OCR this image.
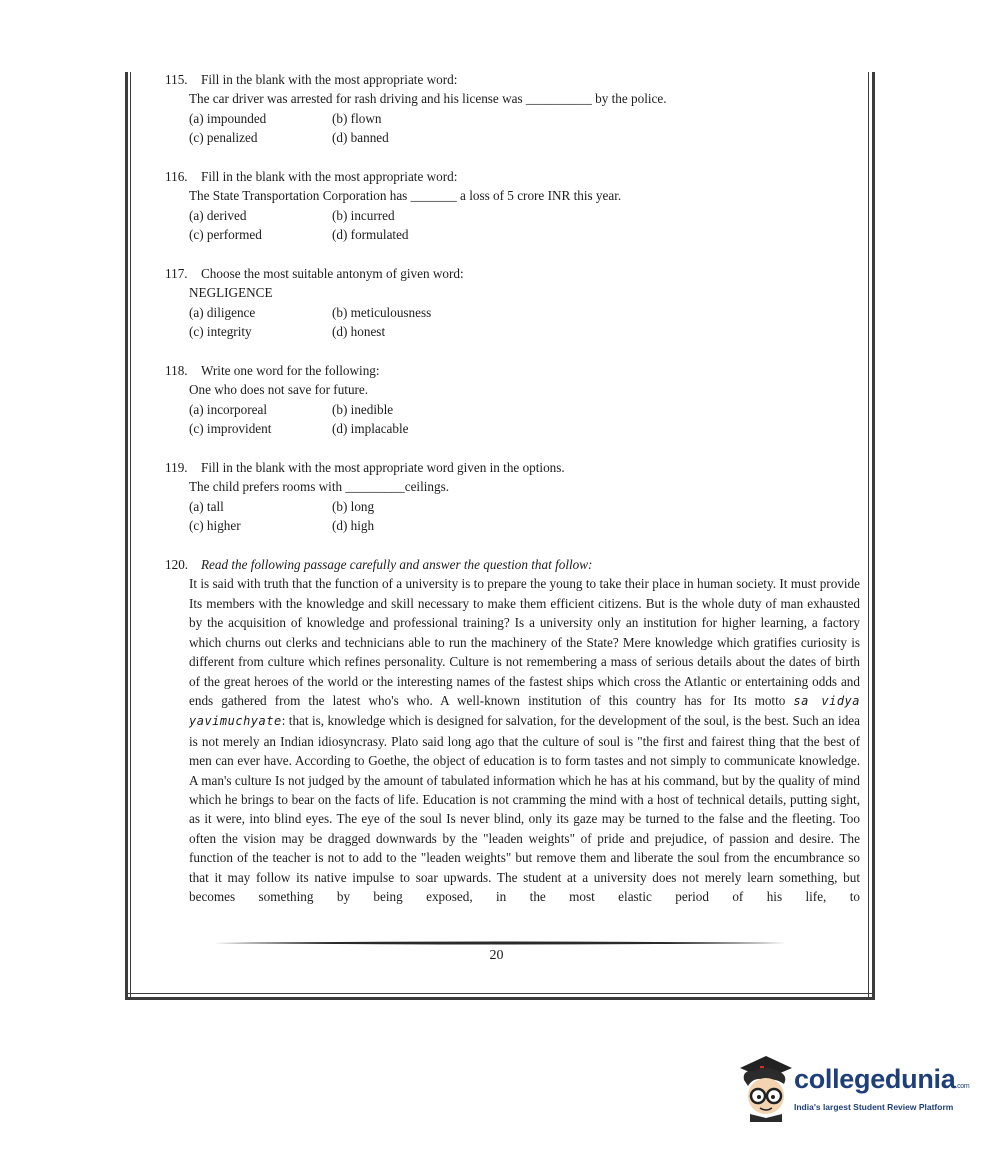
115.	Fill in the blank with the most appropriate word:
The car driver was arrested for rash driving and his license was __________ by the police.
(a) impounded	(b) flown
(c) penalized	(d) banned
116.	Fill in the blank with the most appropriate word:
The State Transportation Corporation has _______ a loss of 5 crore INR this year.
(a) derived	(b) incurred
(c) performed	(d) formulated
117.	Choose the most suitable antonym of given word:
NEGLIGENCE
(a) diligence	(b) meticulousness
(c) integrity	(d) honest
118.	Write one word for the following:
One who does not save for future.
(a) incorporeal	(b) inedible
(c) improvident	(d) implacable
119.	Fill in the blank with the most appropriate word given in the options.
The child prefers rooms with _________ceilings.
(a) tall	(b) long
(c) higher	(d) high
120. Read the following passage carefully and answer the question that follow:

It is said with truth that the function of a university is to prepare the young to take their place in human society. It must provide Its members with the knowledge and skill necessary to make them efficient citizens. But is the whole duty of man exhausted by the acquisition of knowledge and professional training? Is a university only an institution for higher learning, a factory which churns out clerks and technicians able to run the machinery of the State? Mere knowledge which gratifies curiosity is different from culture which refines personality. Culture is not remembering a mass of serious details about the dates of birth of the great heroes of the world or the interesting names of the fastest ships which cross the Atlantic or entertaining odds and ends gathered from the latest who's who. A well-known institution of this country has for Its motto sa vidya yavimuchyate: that is, knowledge which is designed for salvation, for the development of the soul, is the best. Such an idea is not merely an Indian idiosyncrasy. Plato said long ago that the culture of soul is "the first and fairest thing that the best of men can ever have. According to Goethe, the object of education is to form tastes and not simply to communicate knowledge. A man's culture Is not judged by the amount of tabulated information which he has at his command, but by the quality of mind which he brings to bear on the facts of life. Education is not cramming the mind with a host of technical details, putting sight, as it were, into blind eyes. The eye of the soul Is never blind, only its gaze may be turned to the false and the fleeting. Too often the vision may be dragged downwards by the "leaden weights" of pride and prejudice, of passion and desire. The function of the teacher is not to add to the "leaden weights" but remove them and liberate the soul from the encumbrance so that it may follow its native impulse to soar upwards. The student at a university does not merely learn something, but becomes something by being exposed, in the most elastic period of his life, to

20
collegedunia.com
India's largest Student Review Platform
